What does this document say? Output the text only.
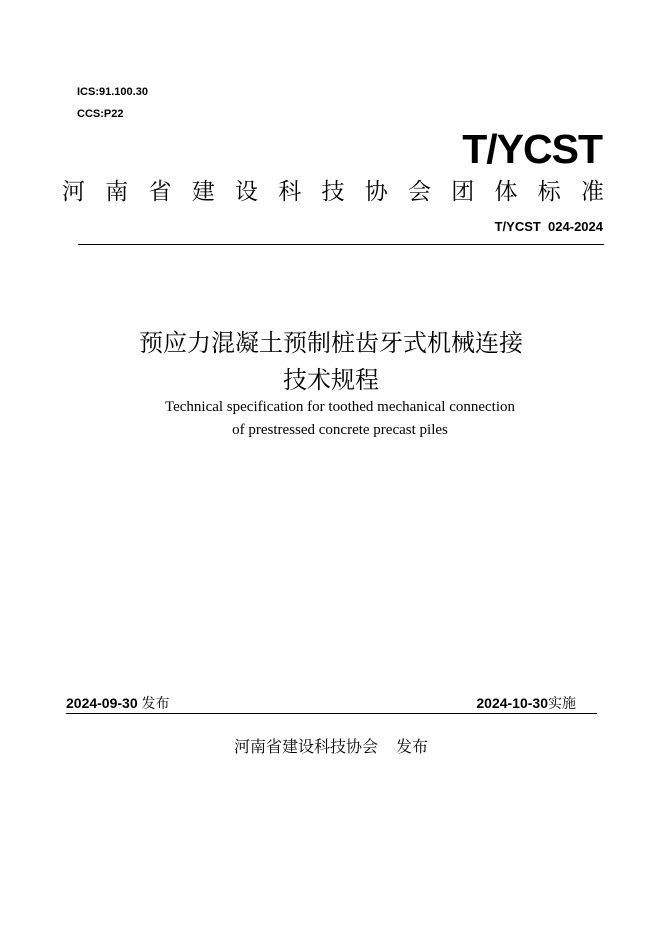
ICS:91.100.30
CCS:P22
T/YCST
河 南 省 建 设 科 技 协 会 团 体 标 准
T/YCST  024-2024
预应力混凝土预制桩齿牙式机械连接
技术规程
Technical specification for toothed mechanical connection
of prestressed concrete precast piles
2024-09-30 发布	2024-10-30实施
河南省建设科技协会 发布
